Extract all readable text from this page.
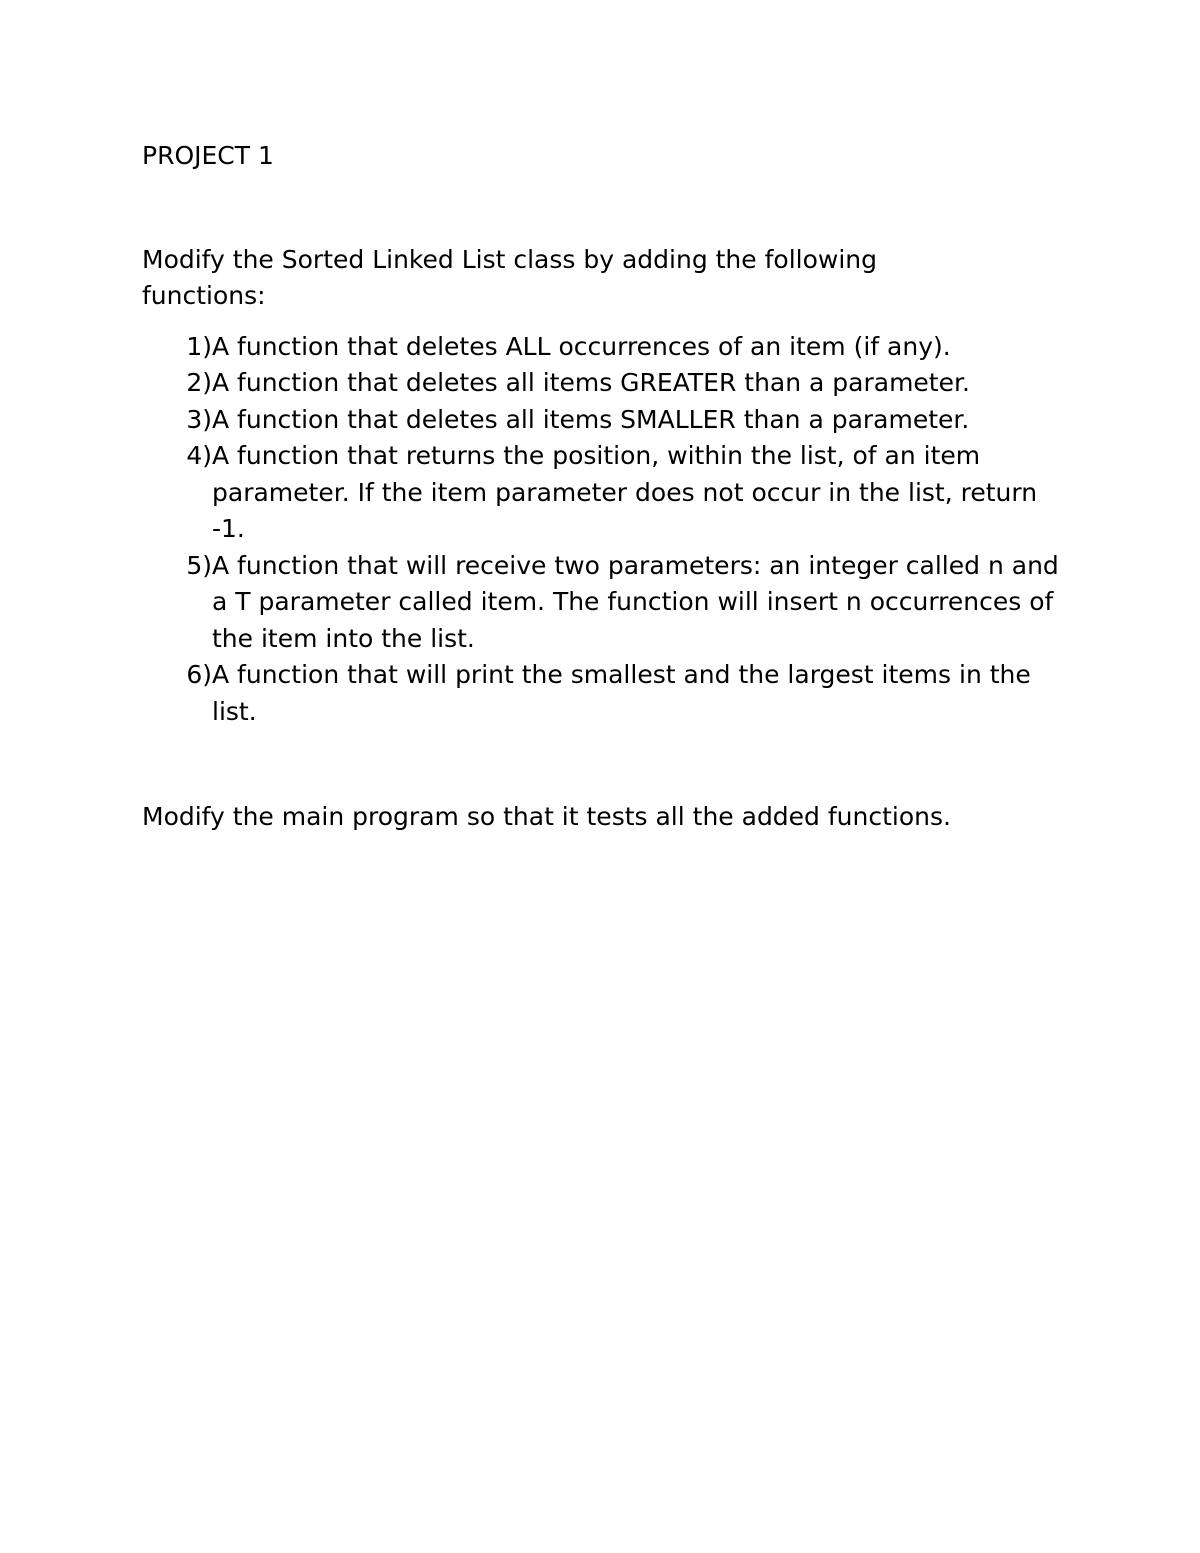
PROJECT 1

Modify the Sorted Linked List class by adding the following functions:

1) A function that deletes ALL occurrences of an item (if any).
2) A function that deletes all items GREATER than a parameter.
3) A function that deletes all items SMALLER than a parameter.
4) A function that returns the position, within the list, of an item parameter. If the item parameter does not occur in the list, return -1.
5) A function that will receive two parameters: an integer called n and a T parameter called item. The function will insert n occurrences of the item into the list.
6) A function that will print the smallest and the largest items in the list.

Modify the main program so that it tests all the added functions.
